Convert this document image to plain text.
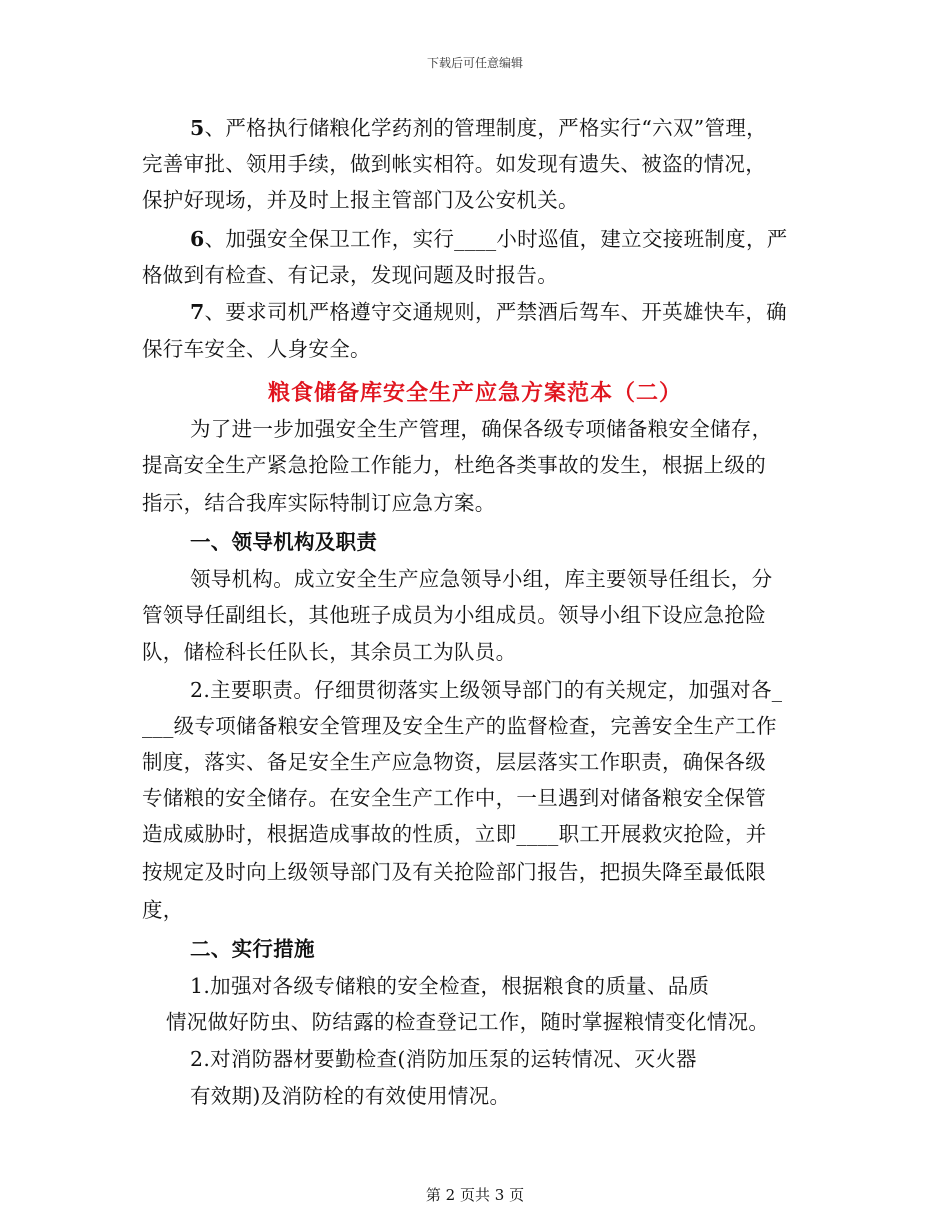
下载后可任意编辑
5、严格执行储粮化学药剂的管理制度，严格实行“六双”管理，
完善审批、领用手续，做到帐实相符。如发现有遗失、被盗的情况，
保护好现场，并及时上报主管部门及公安机关。
6、加强安全保卫工作，实行____小时巡值，建立交接班制度，严
格做到有检查、有记录，发现问题及时报告。
7、要求司机严格遵守交通规则，严禁酒后驾车、开英雄快车，确
保行车安全、人身安全。
粮食储备库安全生产应急方案范本（二）
为了进一步加强安全生产管理，确保各级专项储备粮安全储存，
提高安全生产紧急抢险工作能力，杜绝各类事故的发生，根据上级的
指示，结合我库实际特制订应急方案。
一、领导机构及职责
领导机构。成立安全生产应急领导小组，库主要领导任组长，分
管领导任副组长，其他班子成员为小组成员。领导小组下设应急抢险
队，储检科长任队长，其余员工为队员。
2.主要职责。仔细贯彻落实上级领导部门的有关规定，加强对各_
___级专项储备粮安全管理及安全生产的监督检查，完善安全生产工作
制度，落实、备足安全生产应急物资，层层落实工作职责，确保各级
专储粮的安全储存。在安全生产工作中，一旦遇到对储备粮安全保管
造成威胁时，根据造成事故的性质，立即____职工开展救灾抢险，并
按规定及时向上级领导部门及有关抢险部门报告，把损失降至最低限
度，
二、实行措施
1.加强对各级专储粮的安全检查，根据粮食的质量、品质
情况做好防虫、防结露的检查登记工作，随时掌握粮情变化情况。
2.对消防器材要勤检查(消防加压泵的运转情况、灭火器
有效期)及消防栓的有效使用情况。
第 2 页共 3 页
